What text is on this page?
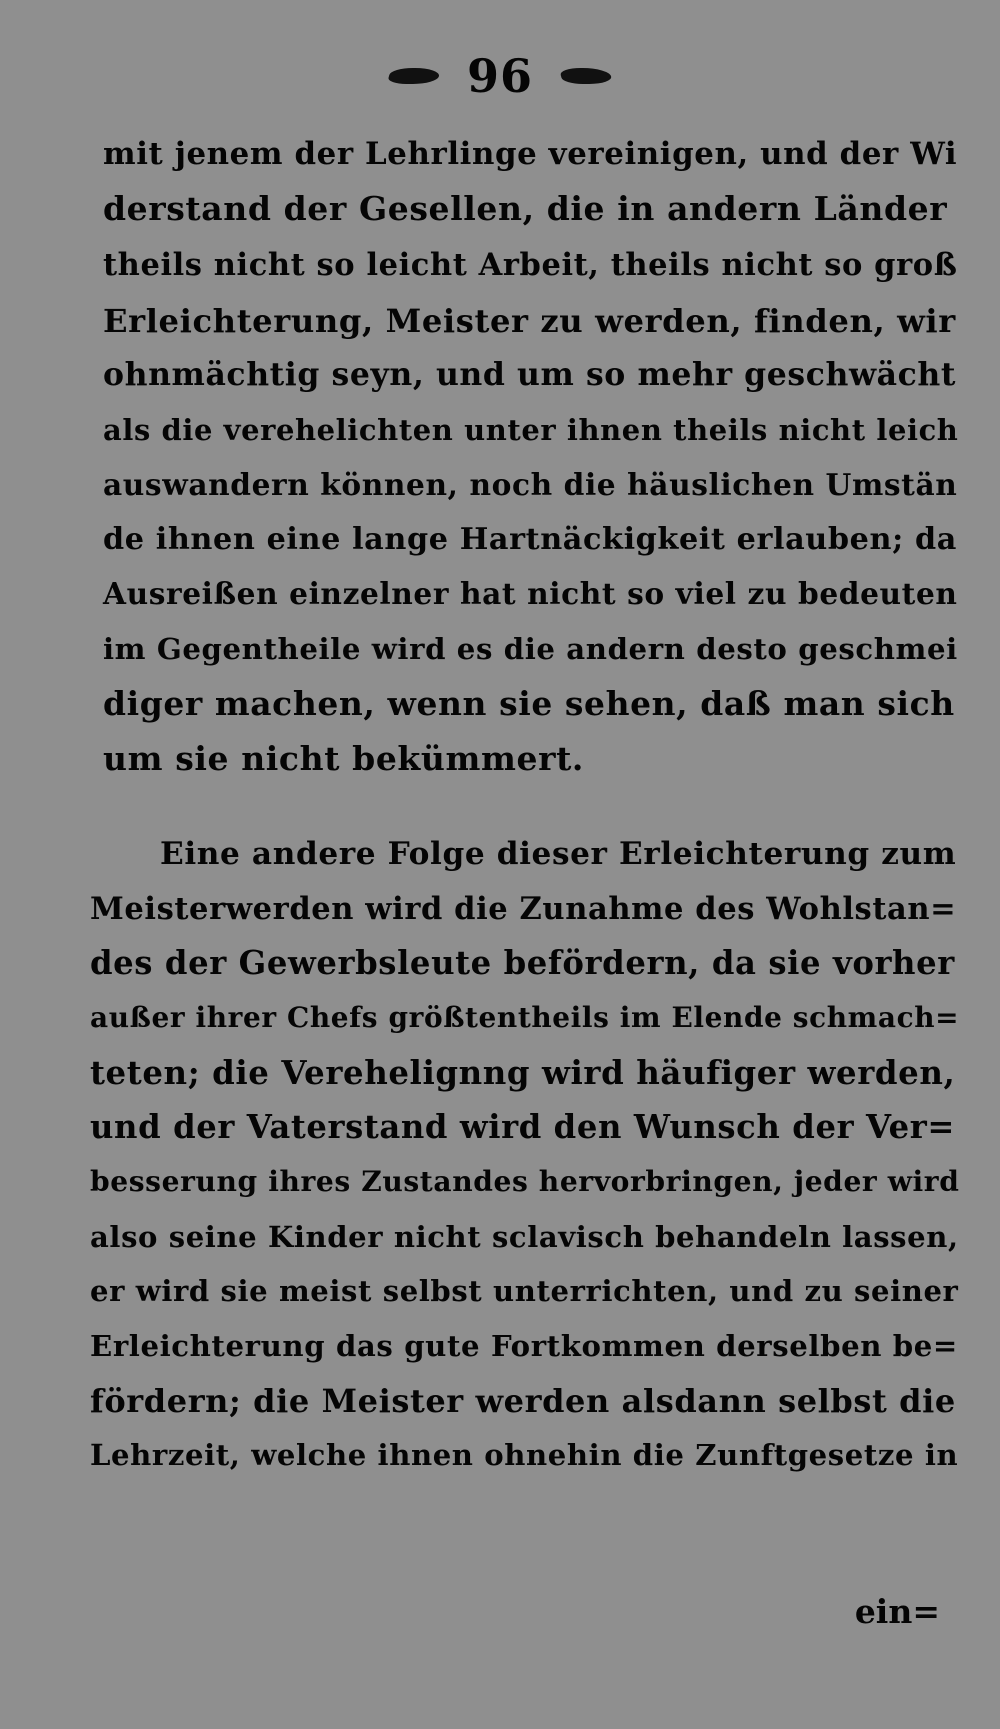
96
mit jenem der Lehrlinge vereinigen, und der Wi
derstand der Gesellen, die in andern Länder
theils nicht so leicht Arbeit, theils nicht so groß
Erleichterung, Meister zu werden, finden, wir
ohnmächtig seyn, und um so mehr geschwächt
als die verehelichten unter ihnen theils nicht leich
auswandern können, noch die häuslichen Umstän
de ihnen eine lange Hartnäckigkeit erlauben; da
Ausreißen einzelner hat nicht so viel zu bedeuten
im Gegentheile wird es die andern desto geschmei
diger machen, wenn sie sehen, daß man sich
um sie nicht bekümmert.
Eine andere Folge dieser Erleichterung zum
Meisterwerden wird die Zunahme des Wohlstan=
des der Gewerbsleute befördern, da sie vorher
außer ihrer Chefs größtentheils im Elende schmach=
teten; die Verehelignng wird häufiger werden,
und der Vaterstand wird den Wunsch der Ver=
besserung ihres Zustandes hervorbringen, jeder wird
also seine Kinder nicht sclavisch behandeln lassen,
er wird sie meist selbst unterrichten, und zu seiner
Erleichterung das gute Fortkommen derselben be=
fördern; die Meister werden alsdann selbst die
Lehrzeit, welche ihnen ohnehin die Zunftgesetze in
ein=
